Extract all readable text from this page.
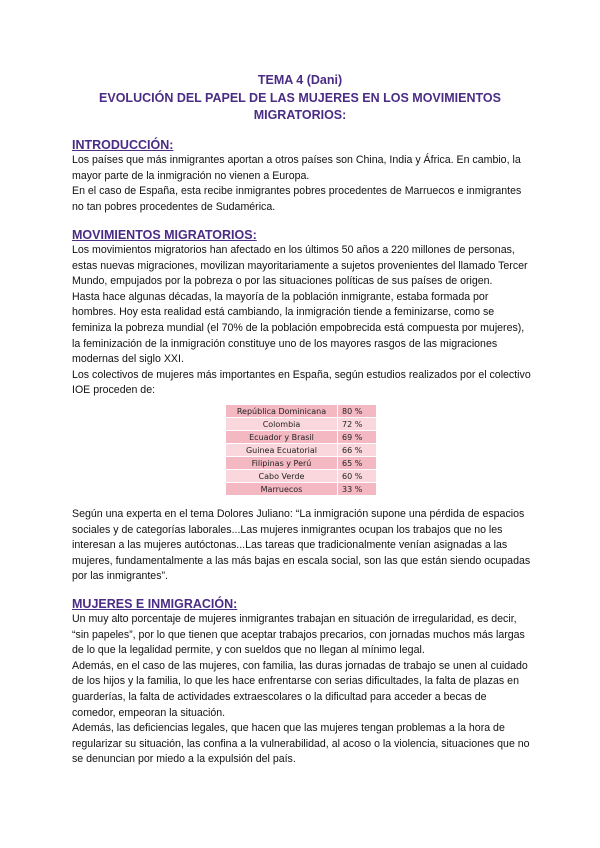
TEMA 4 (Dani)
EVOLUCIÓN DEL PAPEL DE LAS MUJERES EN LOS MOVIMIENTOS
MIGRATORIOS:
INTRODUCCIÓN:

Los países que más inmigrantes aportan a otros países son China, India y África. En cambio, la mayor parte de la inmigración no vienen a Europa.

En el caso de España, esta recibe inmigrantes pobres procedentes de Marruecos e inmigrantes no tan pobres procedentes de Sudamérica.

MOVIMIENTOS MIGRATORIOS:

Los movimientos migratorios han afectado en los últimos 50 años a 220 millones de personas, estas nuevas migraciones, movilizan mayoritariamente a sujetos provenientes del llamado Tercer Mundo, empujados por la pobreza o por las situaciones políticas de sus países de origen.

Hasta hace algunas décadas, la mayoría de la población inmigrante, estaba formada por hombres. Hoy esta realidad está cambiando, la inmigración tiende a feminizarse, como se feminiza la pobreza mundial (el 70% de la población empobrecida está compuesta por mujeres), la feminización de la inmigración constituye uno de los mayores rasgos de las migraciones modernas del siglo XXI.

Los colectivos de mujeres más importantes en España, según estudios realizados por el colectivo IOE proceden de:

República Dominicana	80 %
Colombia	72 %
Ecuador y Brasil	69 %
Guinea Ecuatorial	66 %
Filipinas y Perú	65 %
Cabo Verde	60 %
Marruecos	33 %

Según una experta en el tema Dolores Juliano: “La inmigración supone una pérdida de espacios sociales y de categorías laborales...Las mujeres inmigrantes ocupan los trabajos que no les interesan a las mujeres autóctonas...Las tareas que tradicionalmente venían asignadas a las mujeres, fundamentalmente a las más bajas en escala social, son las que están siendo ocupadas por las inmigrantes”.

MUJERES E INMIGRACIÓN:

Un muy alto porcentaje de mujeres inmigrantes trabajan en situación de irregularidad, es decir, “sin papeles”, por lo que tienen que aceptar trabajos precarios, con jornadas muchos más largas de lo que la legalidad permite, y con sueldos que no llegan al mínimo legal.

Además, en el caso de las mujeres, con familia, las duras jornadas de trabajo se unen al cuidado de los hijos y la familia, lo que les hace enfrentarse con serias dificultades, la falta de plazas en guarderías, la falta de actividades extraescolares o la dificultad para acceder a becas de comedor, empeoran la situación.

Además, las deficiencias legales, que hacen que las mujeres tengan problemas a la hora de regularizar su situación, las confina a la vulnerabilidad, al acoso o la violencia, situaciones que no se denuncian por miedo a la expulsión del país.
